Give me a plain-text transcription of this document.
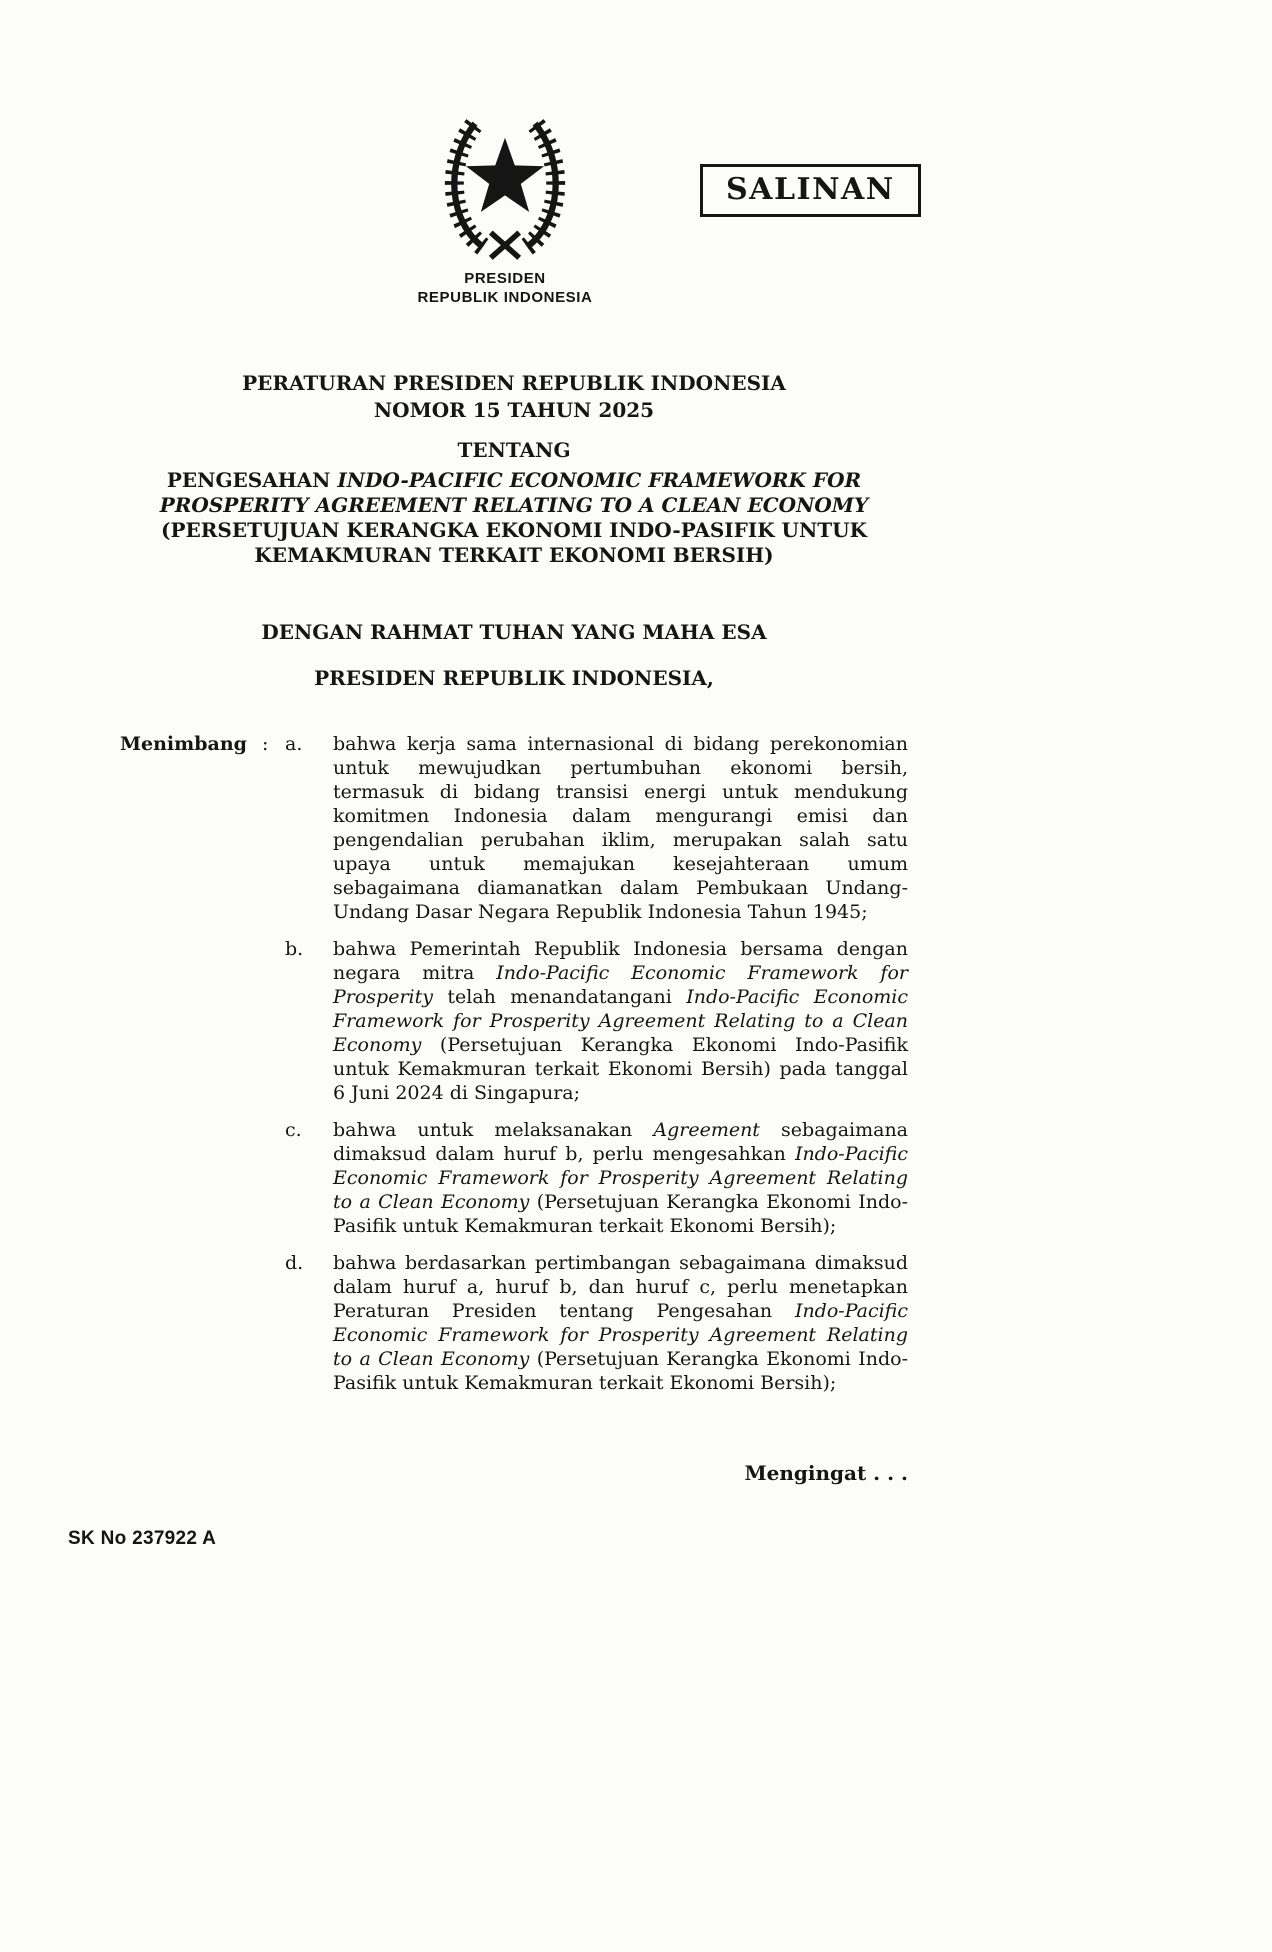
SALINAN
PRESIDEN
REPUBLIK INDONESIA
PERATURAN PRESIDEN REPUBLIK INDONESIA
NOMOR 15 TAHUN 2025
TENTANG
PENGESAHAN INDO-PACIFIC ECONOMIC FRAMEWORK FOR PROSPERITY AGREEMENT RELATING TO A CLEAN ECONOMY (PERSETUJUAN KERANGKA EKONOMI INDO-PASIFIK UNTUK KEMAKMURAN TERKAIT EKONOMI BERSIH)
DENGAN RAHMAT TUHAN YANG MAHA ESA
PRESIDEN REPUBLIK INDONESIA,
Menimbang : a.	bahwa kerja sama internasional di bidang perekonomian untuk mewujudkan pertumbuhan ekonomi bersih, termasuk di bidang transisi energi untuk mendukung komitmen Indonesia dalam mengurangi emisi dan pengendalian perubahan iklim, merupakan salah satu upaya untuk memajukan kesejahteraan umum sebagaimana diamanatkan dalam Pembukaan Undang-Undang Dasar Negara Republik Indonesia Tahun 1945;
b.	bahwa Pemerintah Republik Indonesia bersama dengan negara mitra Indo-Pacific Economic Framework for Prosperity telah menandatangani Indo-Pacific Economic Framework for Prosperity Agreement Relating to a Clean Economy (Persetujuan Kerangka Ekonomi Indo-Pasifik untuk Kemakmuran terkait Ekonomi Bersih) pada tanggal 6 Juni 2024 di Singapura;
c.	bahwa untuk melaksanakan Agreement sebagaimana dimaksud dalam huruf b, perlu mengesahkan Indo-Pacific Economic Framework for Prosperity Agreement Relating to a Clean Economy (Persetujuan Kerangka Ekonomi Indo-Pasifik untuk Kemakmuran terkait Ekonomi Bersih);
d.	bahwa berdasarkan pertimbangan sebagaimana dimaksud dalam huruf a, huruf b, dan huruf c, perlu menetapkan Peraturan Presiden tentang Pengesahan Indo-Pacific Economic Framework for Prosperity Agreement Relating to a Clean Economy (Persetujuan Kerangka Ekonomi Indo-Pasifik untuk Kemakmuran terkait Ekonomi Bersih);
Mengingat . . .
SK No 237922 A
